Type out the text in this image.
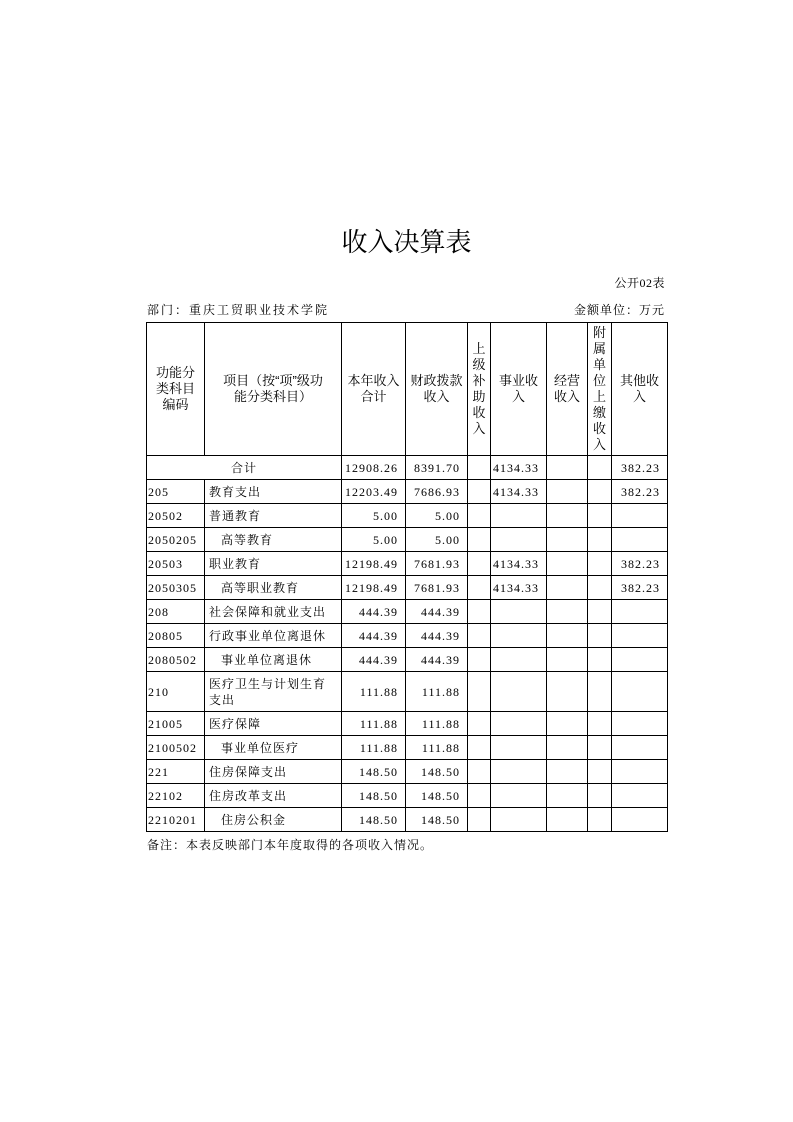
收入决算表
公开02表
部门：重庆工贸职业技术学院	金额单位：万元
功能分类科目编码	项目（按“项”级功能分类科目）	本年收入合计	财政拨款收入	上级补助收入	事业收入	经营收入	附属单位上缴收入	其他收入
合计		12908.26	8391.70		4134.33			382.23
205	教育支出	12203.49	7686.93		4134.33			382.23
20502	普通教育	5.00	5.00					
2050205	高等教育	5.00	5.00					
20503	职业教育	12198.49	7681.93		4134.33			382.23
2050305	高等职业教育	12198.49	7681.93		4134.33			382.23
208	社会保障和就业支出	444.39	444.39					
20805	行政事业单位离退休	444.39	444.39					
2080502	事业单位离退休	444.39	444.39					
210	医疗卫生与计划生育支出	111.88	111.88					
21005	医疗保障	111.88	111.88					
2100502	事业单位医疗	111.88	111.88					
221	住房保障支出	148.50	148.50					
22102	住房改革支出	148.50	148.50					
2210201	住房公积金	148.50	148.50					
备注：本表反映部门本年度取得的各项收入情况。
